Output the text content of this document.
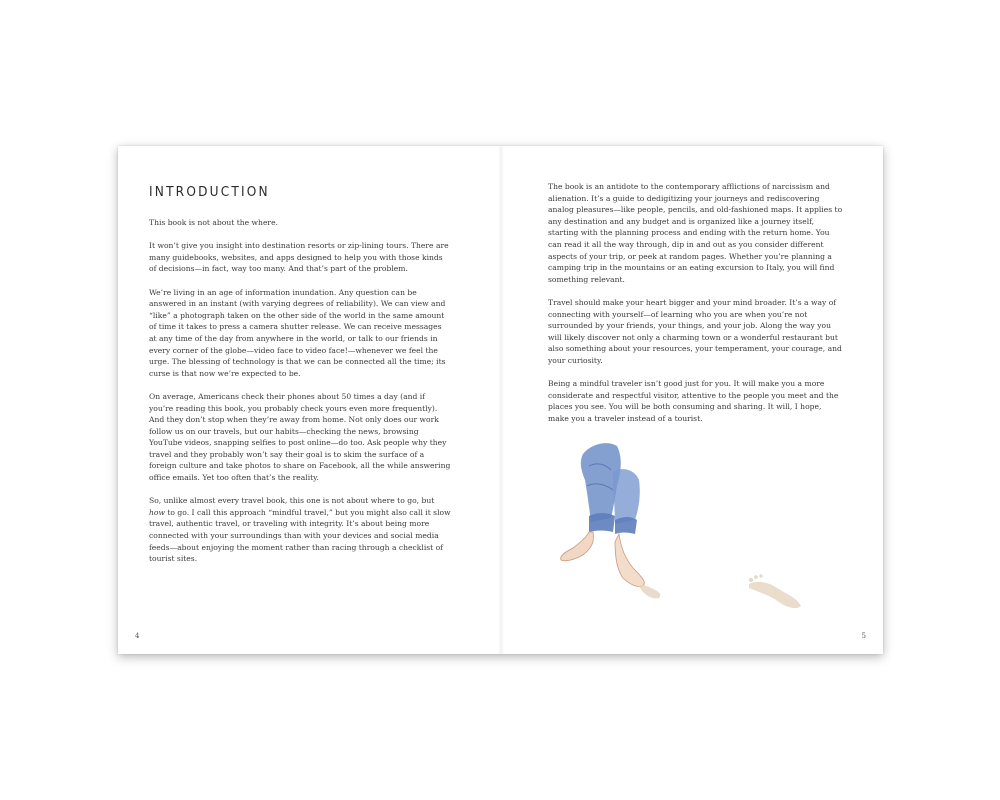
INTRODUCTION

This book is not about the where.

It won’t give you insight into destination resorts or zip-lining tours. There are many guidebooks, websites, and apps designed to help you with those kinds of decisions—in fact, way too many. And that’s part of the problem.

We’re living in an age of information inundation. Any question can be answered in an instant (with varying degrees of reliability). We can view and “like” a photograph taken on the other side of the world in the same amount of time it takes to press a camera shutter release. We can receive messages at any time of the day from anywhere in the world, or talk to our friends in every corner of the globe—video face to video face!—whenever we feel the urge. The blessing of technology is that we can be connected all the time; its curse is that now we’re expected to be.

On average, Americans check their phones about 50 times a day (and if you’re reading this book, you probably check yours even more frequently). And they don’t stop when they’re away from home. Not only does our work follow us on our travels, but our habits—checking the news, browsing YouTube videos, snapping selfies to post online—do too. Ask people why they travel and they probably won’t say their goal is to skim the surface of a foreign culture and take photos to share on Facebook, all the while answering office emails. Yet too often that’s the reality.

So, unlike almost every travel book, this one is not about where to go, but how to go. I call this approach “mindful travel,” but you might also call it slow travel, authentic travel, or traveling with integrity. It’s about being more connected with your surroundings than with your devices and social media feeds—about enjoying the moment rather than racing through a checklist of tourist sites.

4

The book is an antidote to the contemporary afflictions of narcissism and alienation. It’s a guide to dedigitizing your journeys and rediscovering analog pleasures—like people, pencils, and old-fashioned maps. It applies to any destination and any budget and is organized like a journey itself, starting with the planning process and ending with the return home. You can read it all the way through, dip in and out as you consider different aspects of your trip, or peek at random pages. Whether you’re planning a camping trip in the mountains or an eating excursion to Italy, you will find something relevant.

Travel should make your heart bigger and your mind broader. It’s a way of connecting with yourself—of learning who you are when you’re not surrounded by your friends, your things, and your job. Along the way you will likely discover not only a charming town or a wonderful restaurant but also something about your resources, your temperament, your courage, and your curiosity.

Being a mindful traveler isn’t good just for you. It will make you a more considerate and respectful visitor, attentive to the people you meet and the places you see. You will be both consuming and sharing. It will, I hope, make you a traveler instead of a tourist.

5
